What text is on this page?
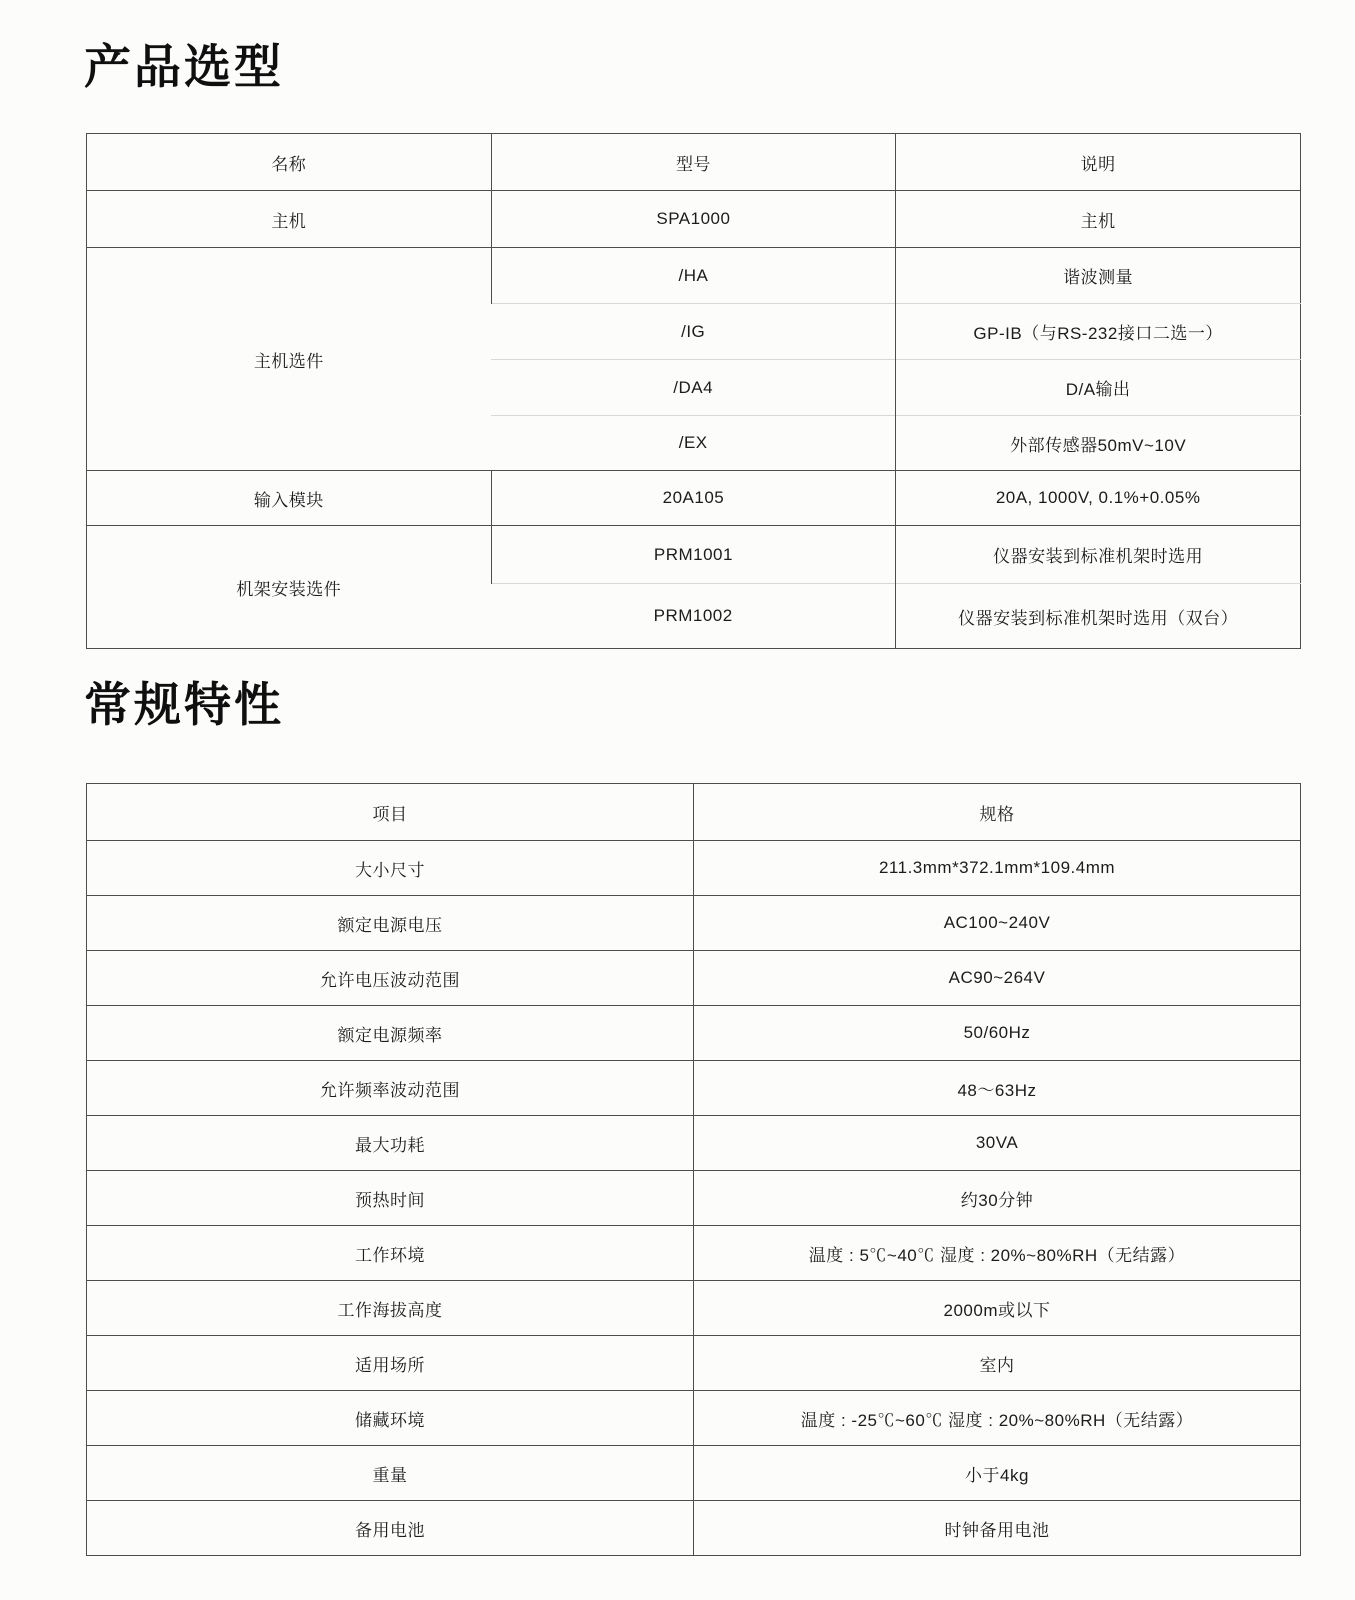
产品选型
名称	型号	说明
主机	SPA1000	主机
主机选件	/HA	谐波测量
	/IG	GP-IB（与RS-232接口二选一）
	/DA4	D/A输出
	/EX	外部传感器50mV~10V
输入模块	20A105	20A, 1000V, 0.1%+0.05%
机架安装选件	PRM1001	仪器安装到标准机架时选用
	PRM1002	仪器安装到标准机架时选用（双台）
常规特性
项目	规格
大小尺寸	211.3mm*372.1mm*109.4mm
额定电源电压	AC100~240V
允许电压波动范围	AC90~264V
额定电源频率	50/60Hz
允许频率波动范围	48～63Hz
最大功耗	30VA
预热时间	约30分钟
工作环境	温度 : 5℃~40℃ 湿度 : 20%~80%RH（无结露）
工作海拔高度	2000m或以下
适用场所	室内
储藏环境	温度 : -25℃~60℃ 湿度 : 20%~80%RH（无结露）
重量	小于4kg
备用电池	时钟备用电池
